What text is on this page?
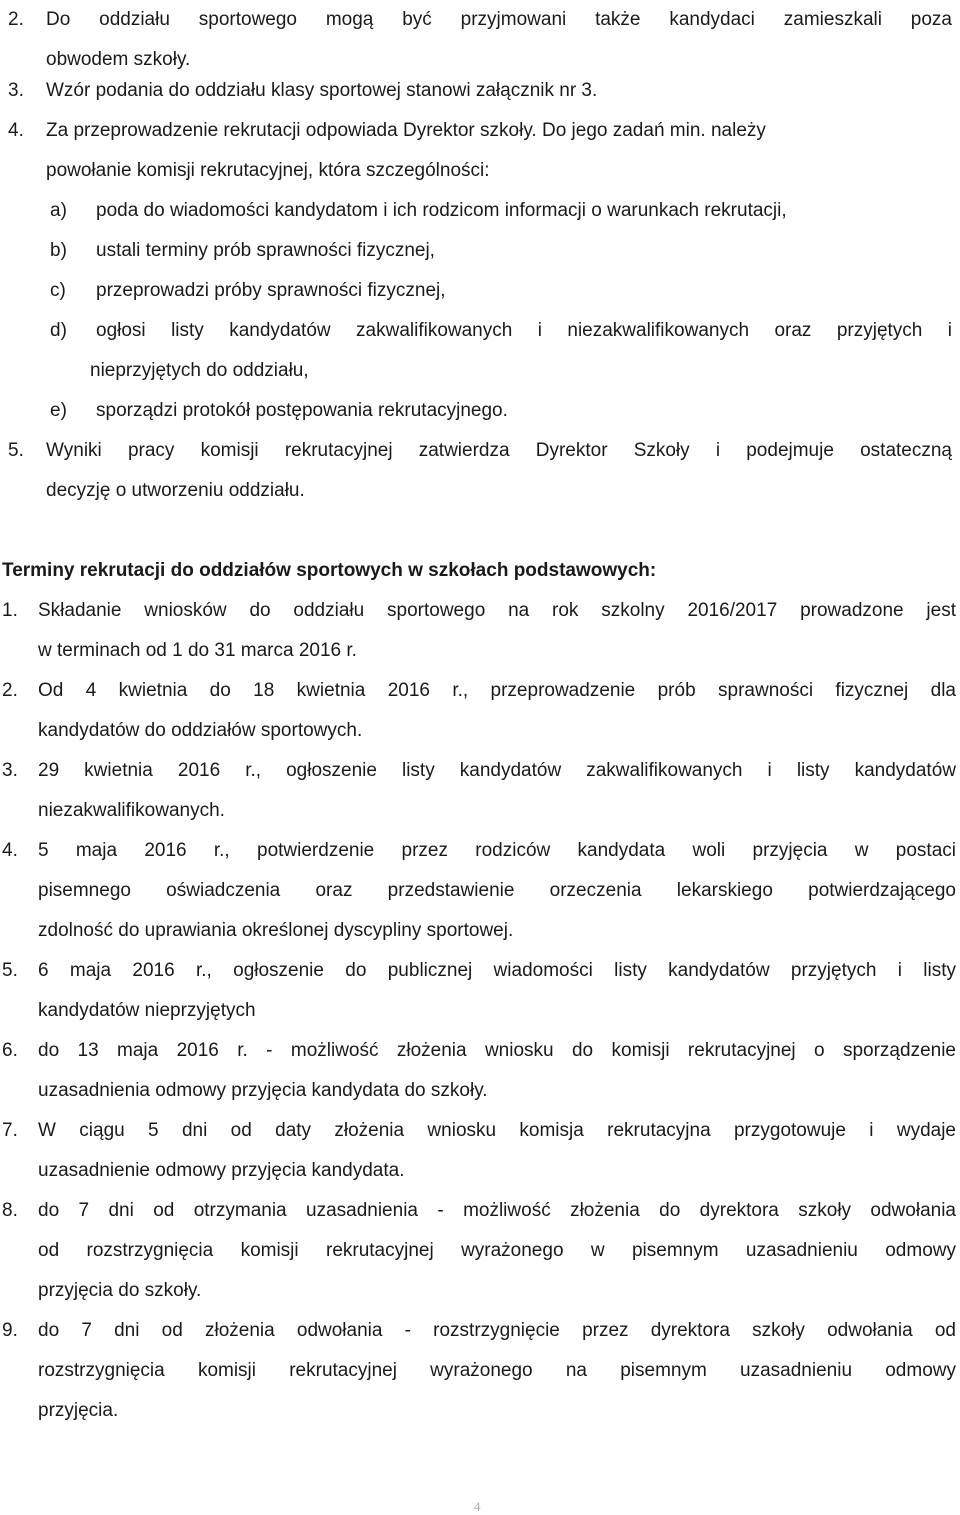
2. Do oddziału sportowego mogą być przyjmowani także kandydaci zamieszkali poza
obwodem szkoły.
3. Wzór podania do oddziału klasy sportowej stanowi załącznik nr 3.
4. Za przeprowadzenie rekrutacji odpowiada Dyrektor szkoły. Do jego zadań min. należy
powołanie komisji rekrutacyjnej, która szczególności:
a) poda do wiadomości kandydatom i ich rodzicom informacji o warunkach rekrutacji,
b) ustali terminy prób sprawności fizycznej,
c) przeprowadzi próby sprawności fizycznej,
d) ogłosi listy kandydatów zakwalifikowanych i niezakwalifikowanych oraz przyjętych i
nieprzyjętych do oddziału,
e) sporządzi protokół postępowania rekrutacyjnego.
5. Wyniki pracy komisji rekrutacyjnej zatwierdza Dyrektor Szkoły i podejmuje ostateczną
decyzję o utworzeniu oddziału.
Terminy rekrutacji do oddziałów sportowych w szkołach podstawowych:
1. Składanie wniosków do oddziału sportowego na rok szkolny 2016/2017 prowadzone jest
w terminach od 1 do 31 marca 2016 r.
2. Od 4 kwietnia do 18 kwietnia 2016 r., przeprowadzenie prób sprawności fizycznej dla
kandydatów do oddziałów sportowych.
3. 29 kwietnia 2016 r., ogłoszenie listy kandydatów zakwalifikowanych i listy kandydatów
niezakwalifikowanych.
4. 5 maja 2016 r., potwierdzenie przez rodziców kandydata woli przyjęcia w postaci
pisemnego oświadczenia oraz przedstawienie orzeczenia lekarskiego potwierdzającego
zdolność do uprawiania określonej dyscypliny sportowej.
5. 6 maja 2016 r., ogłoszenie do publicznej wiadomości listy kandydatów przyjętych i listy
kandydatów nieprzyjętych
6. do 13 maja 2016 r. - możliwość złożenia wniosku do komisji rekrutacyjnej o sporządzenie
uzasadnienia odmowy przyjęcia kandydata do szkoły.
7. W ciągu 5 dni od daty złożenia wniosku komisja rekrutacyjna przygotowuje i wydaje
uzasadnienie odmowy przyjęcia kandydata.
8. do 7 dni od otrzymania uzasadnienia - możliwość złożenia do dyrektora szkoły odwołania
od rozstrzygnięcia komisji rekrutacyjnej wyrażonego w pisemnym uzasadnieniu odmowy
przyjęcia do szkoły.
9. do 7 dni od złożenia odwołania - rozstrzygnięcie przez dyrektora szkoły odwołania od
rozstrzygnięcia komisji rekrutacyjnej wyrażonego na pisemnym uzasadnieniu odmowy
przyjęcia.
4
